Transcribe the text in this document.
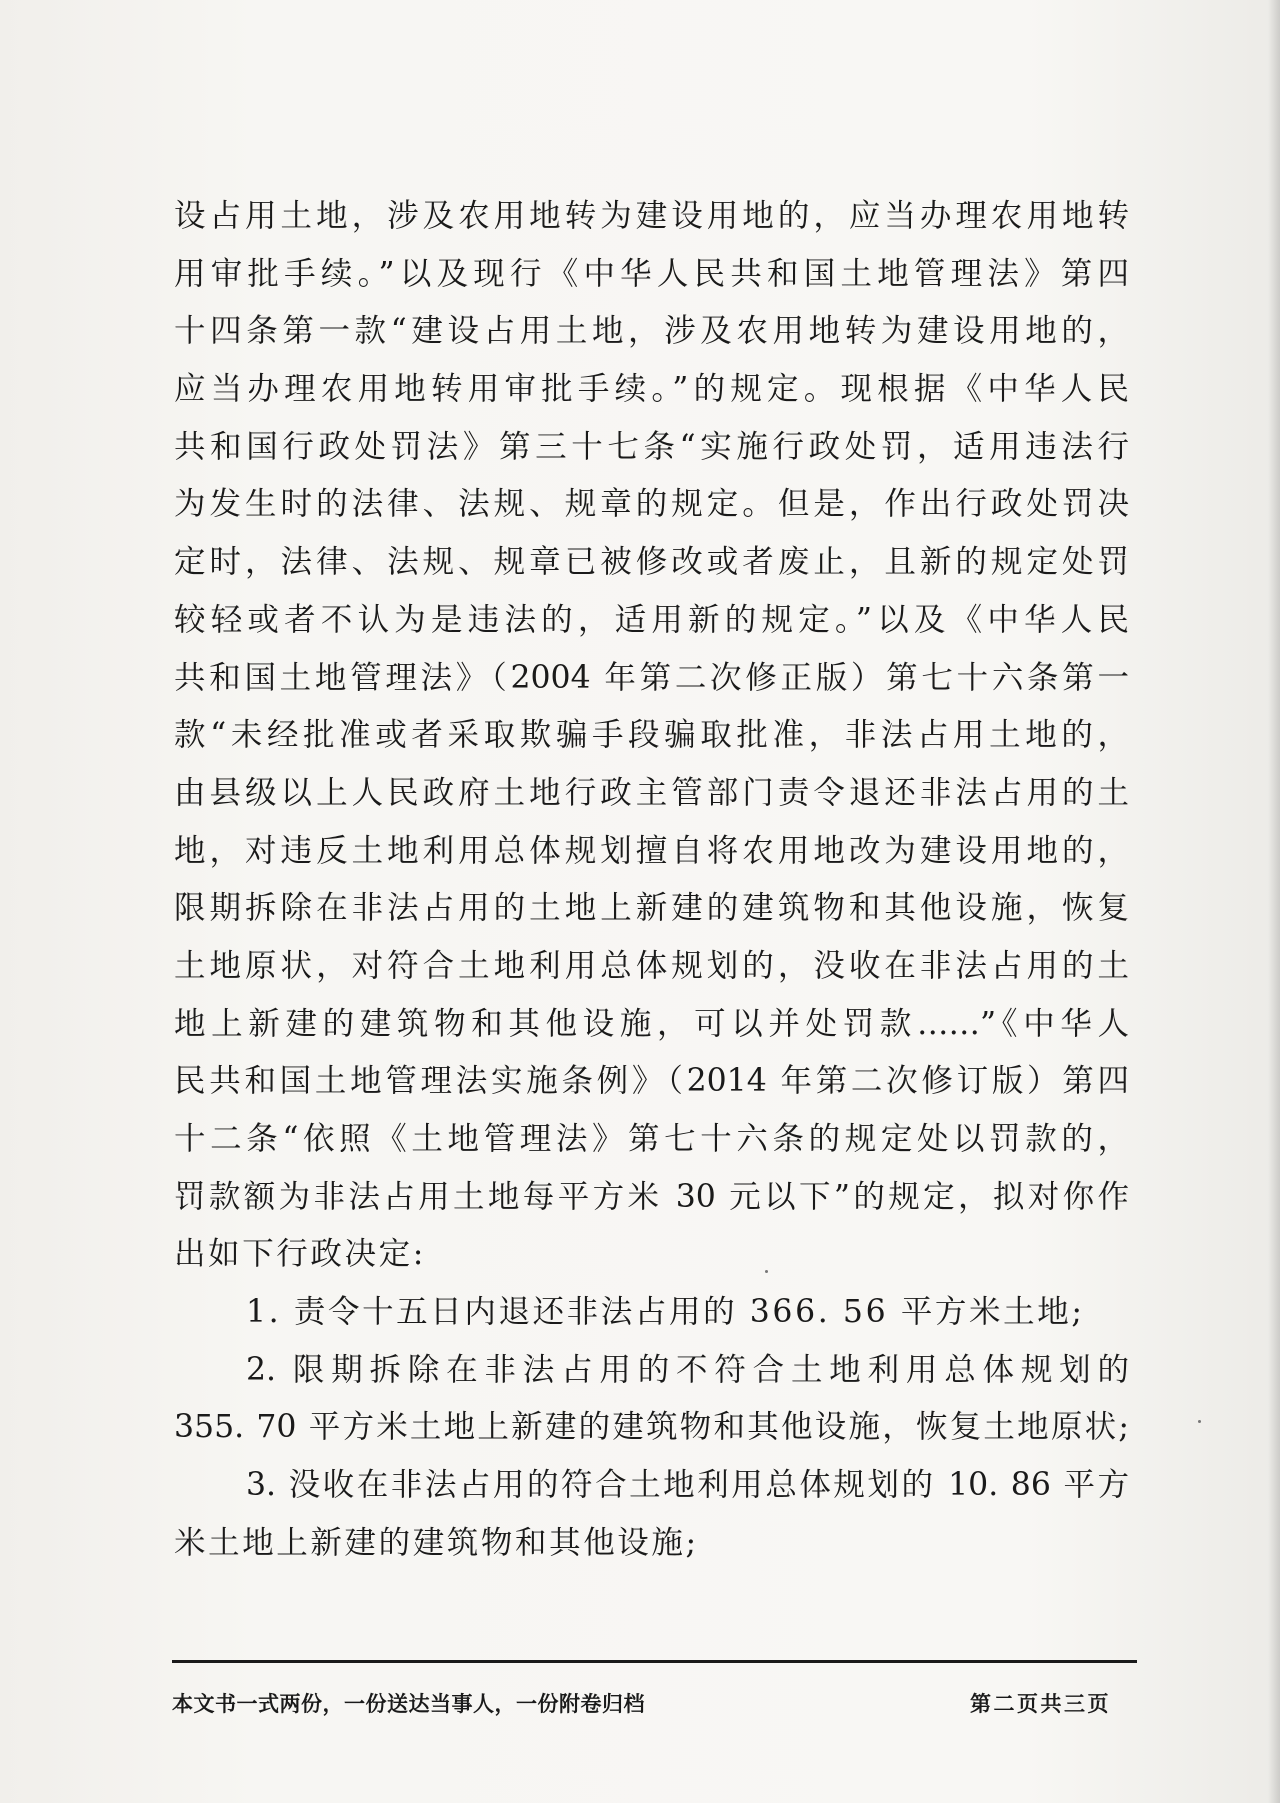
设占用土地，涉及农用地转为建设用地的，应当办理农用地转
用审批手续。”以及现行《中华人民共和国土地管理法》第四
十四条第一款“建设占用土地，涉及农用地转为建设用地的，
应当办理农用地转用审批手续。”的规定。现根据《中华人民
共和国行政处罚法》第三十七条“实施行政处罚，适用违法行
为发生时的法律、法规、规章的规定。但是，作出行政处罚决
定时，法律、法规、规章已被修改或者废止，且新的规定处罚
较轻或者不认为是违法的，适用新的规定。”以及《中华人民
共和国土地管理法》（2004 年第二次修正版）第七十六条第一
款“未经批准或者采取欺骗手段骗取批准，非法占用土地的，
由县级以上人民政府土地行政主管部门责令退还非法占用的土
地，对违反土地利用总体规划擅自将农用地改为建设用地的，
限期拆除在非法占用的土地上新建的建筑物和其他设施，恢复
土地原状，对符合土地利用总体规划的，没收在非法占用的土
地上新建的建筑物和其他设施，可以并处罚款……”《中华人
民共和国土地管理法实施条例》（2014 年第二次修订版）第四
十二条“依照《土地管理法》第七十六条的规定处以罚款的，
罚款额为非法占用土地每平方米 30 元以下”的规定，拟对你作
出如下行政决定:
1. 责令十五日内退还非法占用的 366. 56 平方米土地;
2. 限期拆除在非法占用的不符合土地利用总体规划的
355. 70 平方米土地上新建的建筑物和其他设施，恢复土地原状;
3. 没收在非法占用的符合土地利用总体规划的 10. 86 平方
米土地上新建的建筑物和其他设施;
本文书一式两份，一份送达当事人，一份附卷归档	第二页共三页
